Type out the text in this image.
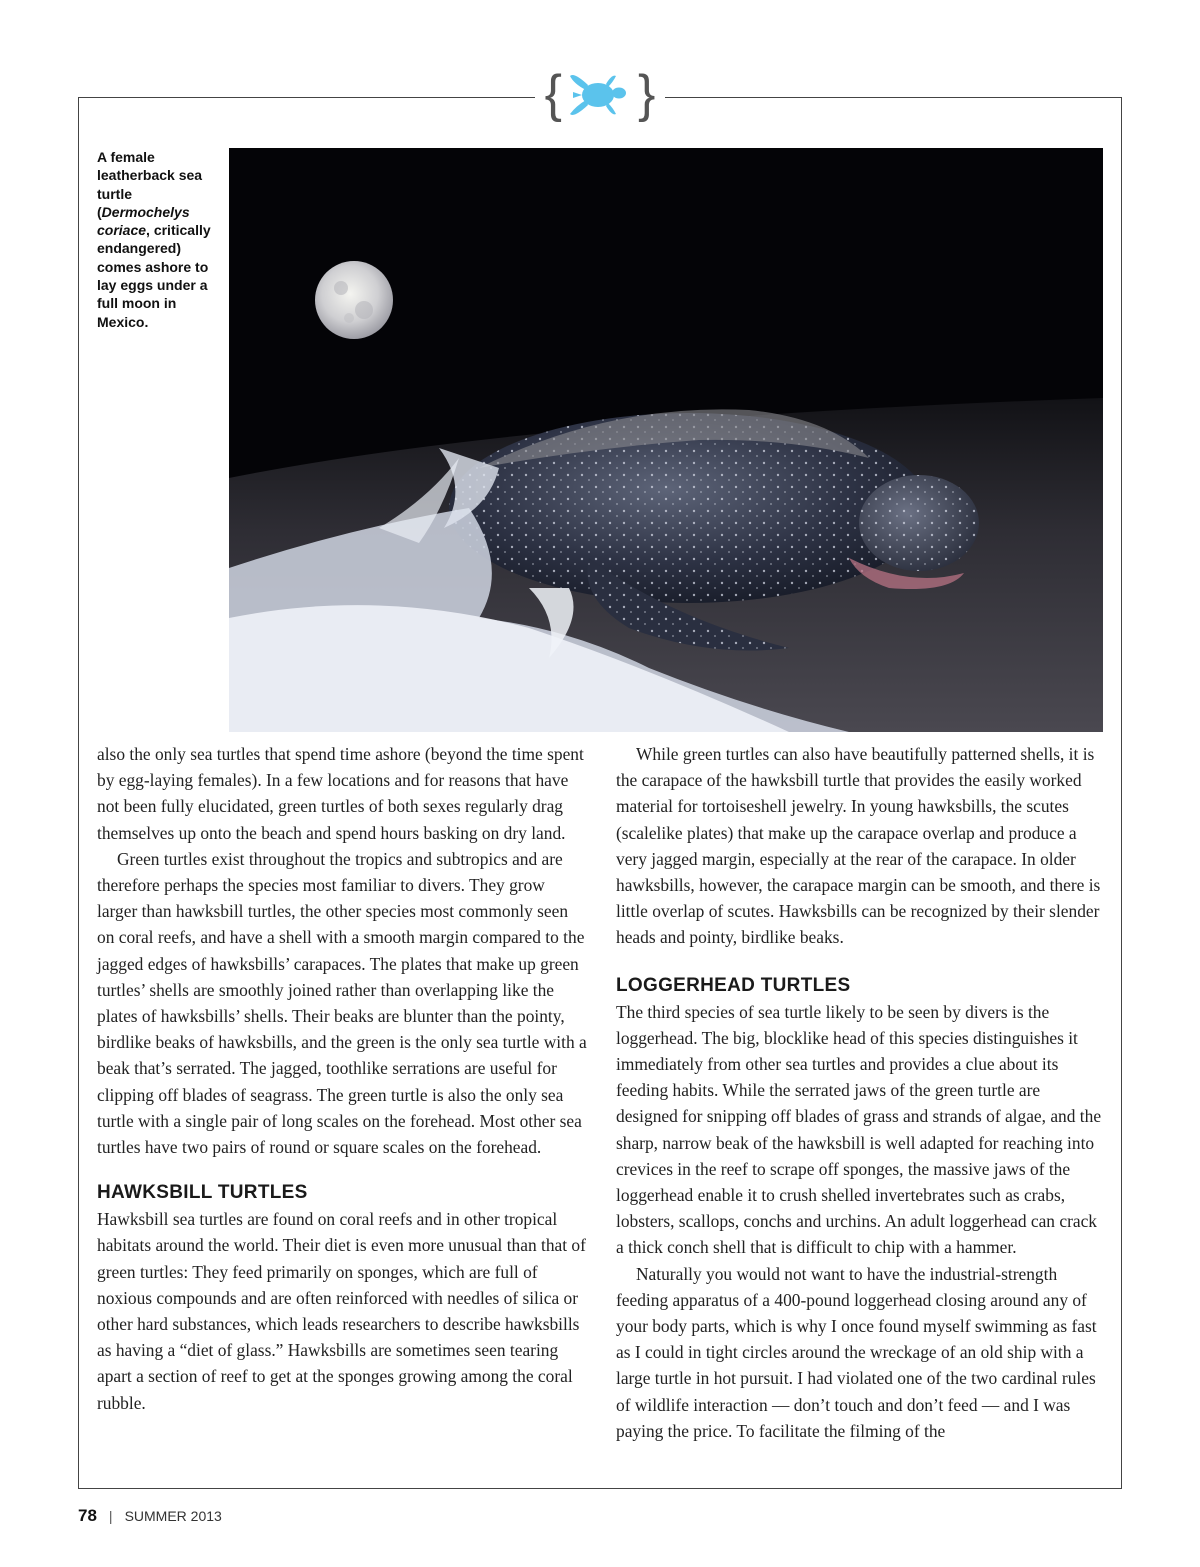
{ }
A female leatherback sea turtle (Dermochelys coriace, critically endangered) comes ashore to lay eggs under a full moon in Mexico.

also the only sea turtles that spend time ashore (beyond the time spent by egg-laying females). In a few locations and for reasons that have not been fully elucidated, green turtles of both sexes regularly drag themselves up onto the beach and spend hours basking on dry land.

Green turtles exist throughout the tropics and subtropics and are therefore perhaps the species most familiar to divers. They grow larger than hawksbill turtles, the other species most commonly seen on coral reefs, and have a shell with a smooth margin compared to the jagged edges of hawksbills’ carapaces. The plates that make up green turtles’ shells are smoothly joined rather than overlapping like the plates of hawksbills’ shells. Their beaks are blunter than the pointy, birdlike beaks of hawksbills, and the green is the only sea turtle with a beak that’s serrated. The jagged, toothlike serrations are useful for clipping off blades of seagrass. The green turtle is also the only sea turtle with a single pair of long scales on the forehead. Most other sea turtles have two pairs of round or square scales on the forehead.

HAWKSBILL TURTLES

Hawksbill sea turtles are found on coral reefs and in other tropical habitats around the world. Their diet is even more unusual than that of green turtles: They feed primarily on sponges, which are full of noxious compounds and are often reinforced with needles of silica or other hard substances, which leads researchers to describe hawksbills as having a “diet of glass.” Hawksbills are sometimes seen tearing apart a section of reef to get at the sponges growing among the coral rubble.

While green turtles can also have beautifully patterned shells, it is the carapace of the hawksbill turtle that provides the easily worked material for tortoiseshell jewelry. In young hawksbills, the scutes (scalelike plates) that make up the carapace overlap and produce a very jagged margin, especially at the rear of the carapace. In older hawksbills, however, the carapace margin can be smooth, and there is little overlap of scutes. Hawksbills can be recognized by their slender heads and pointy, birdlike beaks.

LOGGERHEAD TURTLES

The third species of sea turtle likely to be seen by divers is the loggerhead. The big, blocklike head of this species distinguishes it immediately from other sea turtles and provides a clue about its feeding habits. While the serrated jaws of the green turtle are designed for snipping off blades of grass and strands of algae, and the sharp, narrow beak of the hawksbill is well adapted for reaching into crevices in the reef to scrape off sponges, the massive jaws of the loggerhead enable it to crush shelled invertebrates such as crabs, lobsters, scallops, conchs and urchins. An adult loggerhead can crack a thick conch shell that is difficult to chip with a hammer.

Naturally you would not want to have the industrial-strength feeding apparatus of a 400-pound loggerhead closing around any of your body parts, which is why I once found myself swimming as fast as I could in tight circles around the wreckage of an old ship with a large turtle in hot pursuit. I had violated one of the two cardinal rules of wildlife interaction — don’t touch and don’t feed — and I was paying the price. To facilitate the filming of the

78 | SUMMER 2013
